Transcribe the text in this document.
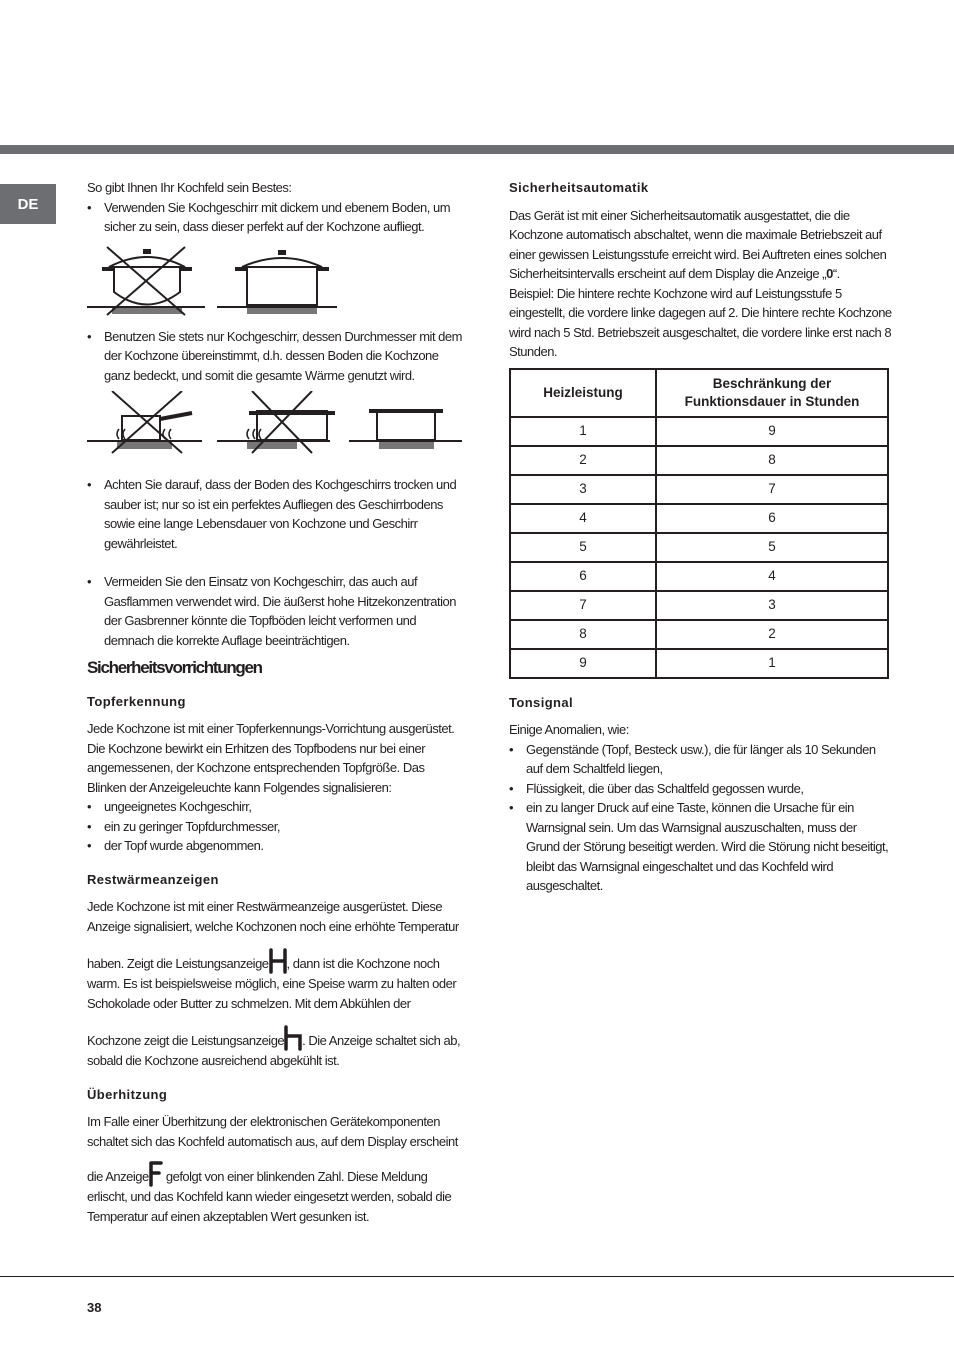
DE

So gibt Ihnen Ihr Kochfeld sein Bestes:

• Verwenden Sie Kochgeschirr mit dickem und ebenem Boden, um sicher zu sein, dass dieser perfekt auf der Kochzone aufliegt.
• Benutzen Sie stets nur Kochgeschirr, dessen Durchmesser mit dem der Kochzone übereinstimmt, d.h. dessen Boden die Kochzone ganz bedeckt, und somit die gesamte Wärme genutzt wird.
• Achten Sie darauf, dass der Boden des Kochgeschirrs trocken und sauber ist; nur so ist ein perfektes Aufliegen des Geschirrbodens sowie eine lange Lebensdauer von Kochzone und Geschirr gewährleistet.
• Vermeiden Sie den Einsatz von Kochgeschirr, das auch auf Gasflammen verwendet wird. Die äußerst hohe Hitzekonzentration der Gasbrenner könnte die Topfböden leicht verformen und demnach die korrekte Auflage beeinträchtigen.
Sicherheitsvorrichtungen
Topferkennung

Jede Kochzone ist mit einer Topferkennungs-Vorrichtung ausgerüstet. Die Kochzone bewirkt ein Erhitzen des Topfbodens nur bei einer angemessenen, der Kochzone entsprechenden Topfgröße. Das Blinken der Anzeigeleuchte kann Folgendes signalisieren:

• ungeeignetes Kochgeschirr,
• ein zu geringer Topfdurchmesser,
• der Topf wurde abgenommen.
Restwärmeanzeigen

Jede Kochzone ist mit einer Restwärmeanzeige ausgerüstet. Diese Anzeige signalisiert, welche Kochzonen noch eine erhöhte Temperatur

haben. Zeigt die Leistungsanzeige , dann ist die Kochzone noch warm. Es ist beispielsweise möglich, eine Speise warm zu halten oder Schokolade oder Butter zu schmelzen. Mit dem Abkühlen der

Kochzone zeigt die Leistungsanzeige . Die Anzeige schaltet sich ab, sobald die Kochzone ausreichend abgekühlt ist.

Überhitzung

Im Falle einer Überhitzung der elektronischen Gerätekomponenten schaltet sich das Kochfeld automatisch aus, auf dem Display erscheint

die Anzeige gefolgt von einer blinkenden Zahl. Diese Meldung erlischt, und das Kochfeld kann wieder eingesetzt werden, sobald die Temperatur auf einen akzeptablen Wert gesunken ist.

Sicherheitsautomatik

Das Gerät ist mit einer Sicherheitsautomatik ausgestattet, die die Kochzone automatisch abschaltet, wenn die maximale Betriebszeit auf einer gewissen Leistungsstufe erreicht wird. Bei Auftreten eines solchen Sicherheitsintervalls erscheint auf dem Display die Anzeige „0“.

Beispiel: Die hintere rechte Kochzone wird auf Leistungsstufe 5 eingestellt, die vordere linke dagegen auf 2. Die hintere rechte Kochzone wird nach 5 Std. Betriebszeit ausgeschaltet, die vordere linke erst nach 8 Stunden.

Heizleistung	Beschränkung der Funktionsdauer in Stunden
1	9
2	8
3	7
4	6
5	5
6	4
7	3
8	2
9	1
Tonsignal

Einige Anomalien, wie:

• Gegenstände (Topf, Besteck usw.), die für länger als 10 Sekunden auf dem Schaltfeld liegen,
• Flüssigkeit, die über das Schaltfeld gegossen wurde,
• ein zu langer Druck auf eine Taste, können die Ursache für ein Warnsignal sein. Um das Warnsignal auszuschalten, muss der Grund der Störung beseitigt werden. Wird die Störung nicht beseitigt, bleibt das Warnsignal eingeschaltet und das Kochfeld wird ausgeschaltet.
38
